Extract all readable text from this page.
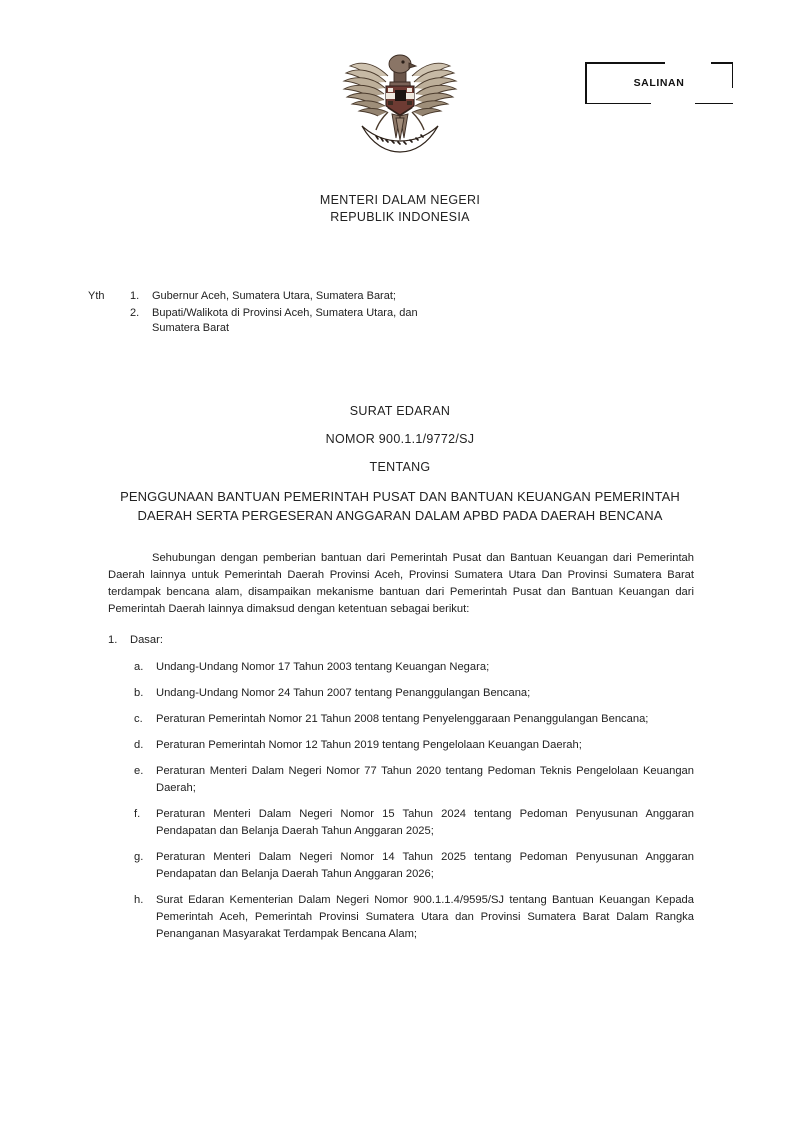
SALINAN
MENTERI DALAM NEGERI
REPUBLIK INDONESIA
Yth 1.	Gubernur Aceh, Sumatera Utara, Sumatera Barat;
2.	Bupati/Walikota di Provinsi Aceh, Sumatera Utara, dan Sumatera Barat
SURAT EDARAN
NOMOR 900.1.1/9772/SJ
TENTANG
PENGGUNAAN BANTUAN PEMERINTAH PUSAT DAN BANTUAN KEUANGAN PEMERINTAH DAERAH SERTA PERGESERAN ANGGARAN DALAM APBD PADA DAERAH BENCANA

Sehubungan dengan pemberian bantuan dari Pemerintah Pusat dan Bantuan Keuangan dari Pemerintah Daerah lainnya untuk Pemerintah Daerah Provinsi Aceh, Provinsi Sumatera Utara Dan Provinsi Sumatera Barat terdampak bencana alam, disampaikan mekanisme bantuan dari Pemerintah Pusat dan Bantuan Keuangan dari Pemerintah Daerah lainnya dimaksud dengan ketentuan sebagai berikut:

1. Dasar:
a.	Undang-Undang Nomor 17 Tahun 2003 tentang Keuangan Negara;
b.	Undang-Undang Nomor 24 Tahun 2007 tentang Penanggulangan Bencana;
c.	Peraturan Pemerintah Nomor 21 Tahun 2008 tentang Penyelenggaraan Penanggulangan Bencana;
d.	Peraturan Pemerintah Nomor 12 Tahun 2019 tentang Pengelolaan Keuangan Daerah;
e.	Peraturan Menteri Dalam Negeri Nomor 77 Tahun 2020 tentang Pedoman Teknis Pengelolaan Keuangan Daerah;
f.	Peraturan Menteri Dalam Negeri Nomor 15 Tahun 2024 tentang Pedoman Penyusunan Anggaran Pendapatan dan Belanja Daerah Tahun Anggaran 2025;
g.	Peraturan Menteri Dalam Negeri Nomor 14 Tahun 2025 tentang Pedoman Penyusunan Anggaran Pendapatan dan Belanja Daerah Tahun Anggaran 2026;
h.	Surat Edaran Kementerian Dalam Negeri Nomor 900.1.1.4/9595/SJ tentang Bantuan Keuangan Kepada Pemerintah Aceh, Pemerintah Provinsi Sumatera Utara dan Provinsi Sumatera Barat Dalam Rangka Penanganan Masyarakat Terdampak Bencana Alam;
